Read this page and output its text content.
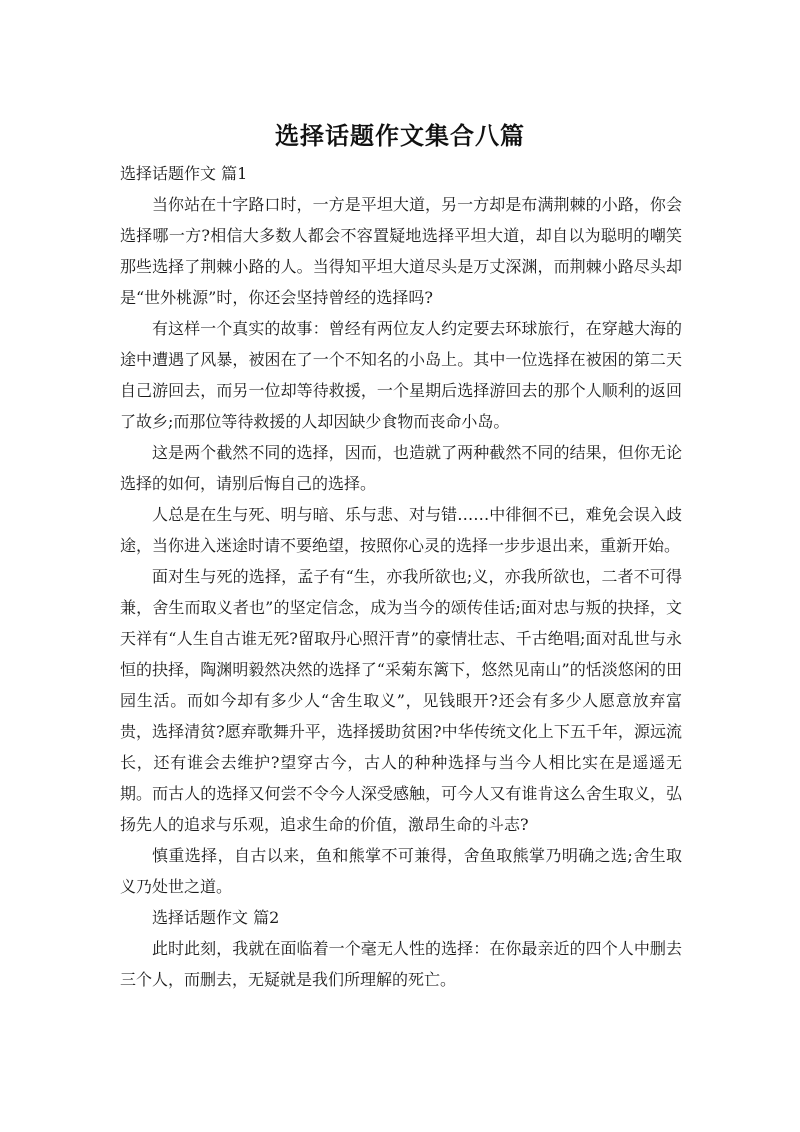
选择话题作文集合八篇

选择话题作文 篇1

当你站在十字路口时，一方是平坦大道，另一方却是布满荆棘的小路，你会选择哪一方?相信大多数人都会不容置疑地选择平坦大道，却自以为聪明的嘲笑那些选择了荆棘小路的人。当得知平坦大道尽头是万丈深渊，而荆棘小路尽头却是“世外桃源”时，你还会坚持曾经的选择吗?

有这样一个真实的故事：曾经有两位友人约定要去环球旅行，在穿越大海的途中遭遇了风暴，被困在了一个不知名的小岛上。其中一位选择在被困的第二天自己游回去，而另一位却等待救援，一个星期后选择游回去的那个人顺利的返回了故乡;而那位等待救援的人却因缺少食物而丧命小岛。

这是两个截然不同的选择，因而，也造就了两种截然不同的结果，但你无论选择的如何，请别后悔自己的选择。

人总是在生与死、明与暗、乐与悲、对与错……中徘徊不已，难免会误入歧途，当你进入迷途时请不要绝望，按照你心灵的选择一步步退出来，重新开始。

面对生与死的选择，孟子有“生，亦我所欲也;义，亦我所欲也，二者不可得兼，舍生而取义者也”的坚定信念，成为当今的颂传佳话;面对忠与叛的抉择，文天祥有“人生自古谁无死?留取丹心照汗青”的豪情壮志、千古绝唱;面对乱世与永恒的抉择，陶渊明毅然决然的选择了“采菊东篱下，悠然见南山”的恬淡悠闲的田园生活。而如今却有多少人“舍生取义”，见钱眼开?还会有多少人愿意放弃富贵，选择清贫?愿弃歌舞升平，选择援助贫困?中华传统文化上下五千年，源远流长，还有谁会去维护?望穿古今，古人的种种选择与当今人相比实在是遥遥无期。而古人的选择又何尝不令今人深受感触，可今人又有谁肯这么舍生取义，弘扬先人的追求与乐观，追求生命的价值，激昂生命的斗志?

慎重选择，自古以来，鱼和熊掌不可兼得，舍鱼取熊掌乃明确之选;舍生取义乃处世之道。

选择话题作文 篇2

此时此刻，我就在面临着一个毫无人性的选择：在你最亲近的四个人中删去三个人，而删去，无疑就是我们所理解的死亡。
